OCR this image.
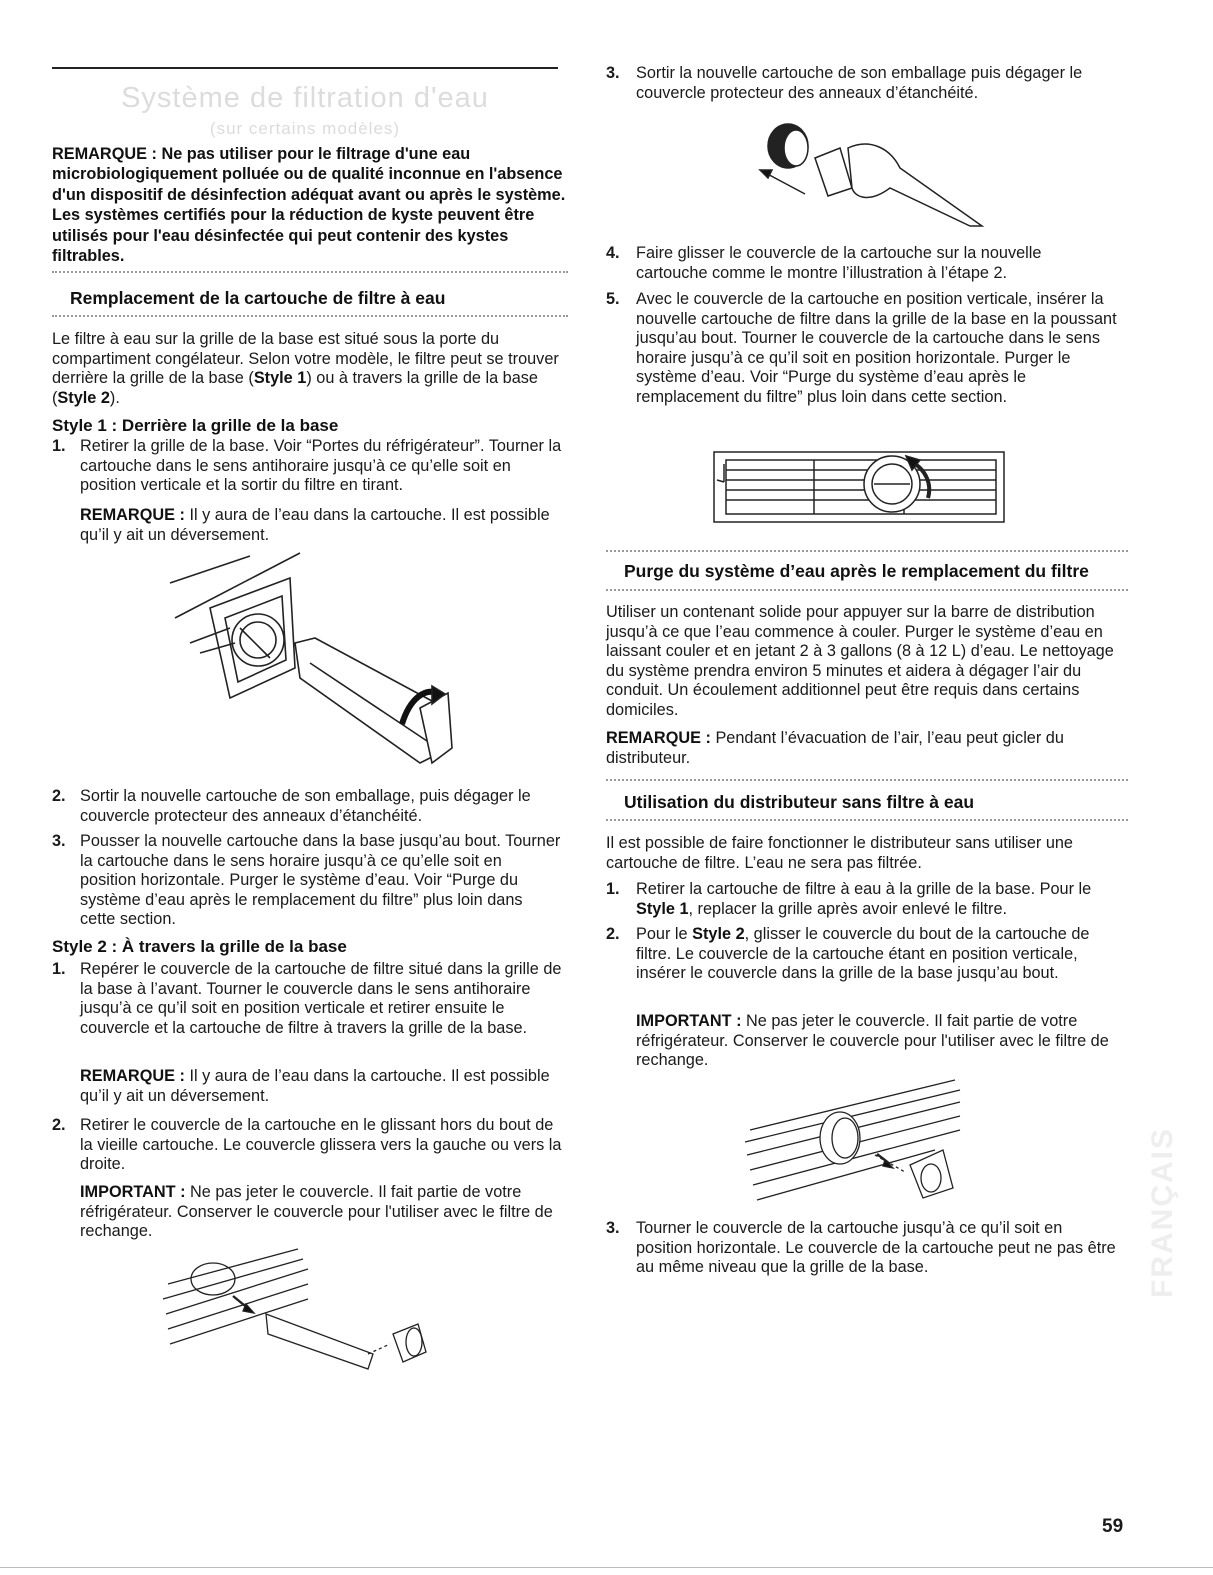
Système de filtration d'eau
(sur certains modèles)
REMARQUE : Ne pas utiliser pour le filtrage d'une eau microbiologiquement polluée ou de qualité inconnue en l'absence d'un dispositif de désinfection adéquat avant ou après le système. Les systèmes certifiés pour la réduction de kyste peuvent être utilisés pour l'eau désinfectée qui peut contenir des kystes filtrables.
Remplacement de la cartouche de filtre à eau

Le filtre à eau sur la grille de la base est situé sous la porte du compartiment congélateur. Selon votre modèle, le filtre peut se trouver derrière la grille de la base (Style 1) ou à travers la grille de la base (Style 2).

Style 1 : Derrière la grille de la base
1. Retirer la grille de la base. Voir “Portes du réfrigérateur”. Tourner la cartouche dans le sens antihoraire jusqu’à ce qu’elle soit en position verticale et la sortir du filtre en tirant.

REMARQUE : Il y aura de l’eau dans la cartouche. Il est possible qu’il y ait un déversement.

2. Sortir la nouvelle cartouche de son emballage, puis dégager le couvercle protecteur des anneaux d’étanchéité.

3. Pousser la nouvelle cartouche dans la base jusqu’au bout. Tourner la cartouche dans le sens horaire jusqu’à ce qu’elle soit en position horizontale. Purger le système d’eau. Voir “Purge du système d’eau après le remplacement du filtre” plus loin dans cette section.

Style 2 : À travers la grille de la base
1. Repérer le couvercle de la cartouche de filtre situé dans la grille de la base à l’avant. Tourner le couvercle dans le sens antihoraire jusqu’à ce qu’il soit en position verticale et retirer ensuite le couvercle et la cartouche de filtre à travers la grille de la base.

REMARQUE : Il y aura de l’eau dans la cartouche. Il est possible qu’il y ait un déversement.

2. Retirer le couvercle de la cartouche en le glissant hors du bout de la vieille cartouche. Le couvercle glissera vers la gauche ou vers la droite.

IMPORTANT : Ne pas jeter le couvercle. Il fait partie de votre réfrigérateur. Conserver le couvercle pour l'utiliser avec le filtre de rechange.

3. Sortir la nouvelle cartouche de son emballage puis dégager le couvercle protecteur des anneaux d’étanchéité.

4. Faire glisser le couvercle de la cartouche sur la nouvelle cartouche comme le montre l’illustration à l’étape 2.

5. Avec le couvercle de la cartouche en position verticale, insérer la nouvelle cartouche de filtre dans la grille de la base en la poussant jusqu’au bout. Tourner le couvercle de la cartouche dans le sens horaire jusqu’à ce qu’il soit en position horizontale. Purger le système d’eau. Voir “Purge du système d’eau après le remplacement du filtre” plus loin dans cette section.

Purge du système d’eau après le remplacement du filtre

Utiliser un contenant solide pour appuyer sur la barre de distribution jusqu’à ce que l’eau commence à couler. Purger le système d’eau en laissant couler et en jetant 2 à 3 gallons (8 à 12 L) d’eau. Le nettoyage du système prendra environ 5 minutes et aidera à dégager l’air du conduit. Un écoulement additionnel peut être requis dans certains domiciles.

REMARQUE : Pendant l’évacuation de l’air, l’eau peut gicler du distributeur.

Utilisation du distributeur sans filtre à eau

Il est possible de faire fonctionner le distributeur sans utiliser une cartouche de filtre. L’eau ne sera pas filtrée.

1. Retirer la cartouche de filtre à eau à la grille de la base. Pour le Style 1, replacer la grille après avoir enlevé le filtre.

2. Pour le Style 2, glisser le couvercle du bout de la cartouche de filtre. Le couvercle de la cartouche étant en position verticale, insérer le couvercle dans la grille de la base jusqu’au bout.

IMPORTANT : Ne pas jeter le couvercle. Il fait partie de votre réfrigérateur. Conserver le couvercle pour l'utiliser avec le filtre de rechange.

3. Tourner le couvercle de la cartouche jusqu’à ce qu’il soit en position horizontale. Le couvercle de la cartouche peut ne pas être au même niveau que la grille de la base.	FRANÇAIS
59
